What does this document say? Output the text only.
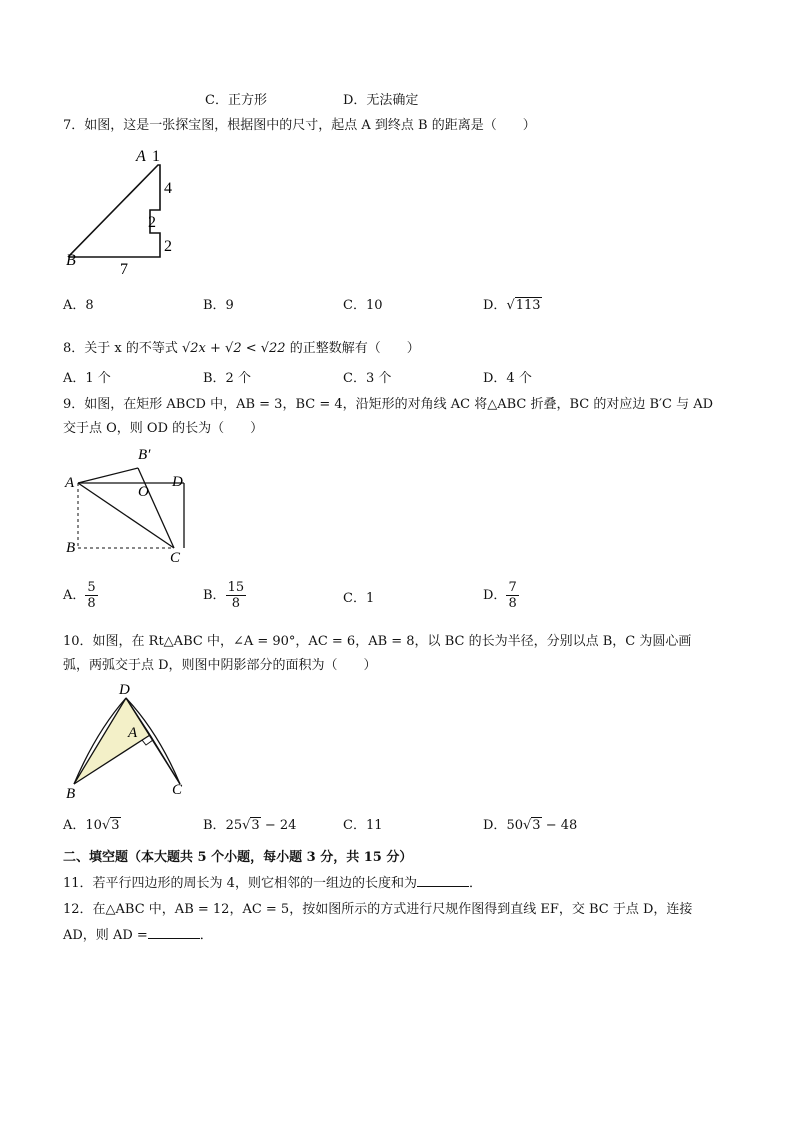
C．正方形	D．无法确定
7．如图，这是一张探宝图，根据图中的尺寸，起点 A 到终点 B 的距离是（　　）
A 1
4
2
2
B
7
A．8	B．9	C．10	D．√113
8．关于 x 的不等式 √2x + √2 < √22 的正整数解有（　　）
A．1 个	B．2 个	C．3 个	D．4 个
9．如图，在矩形 ABCD 中，AB = 3，BC = 4，沿矩形的对角线 AC 将△ABC 折叠，BC 的对应边 B′C 与 AD
交于点 O，则 OD 的长为（　　）
B′
A
O
D
B
C
A． $\frac{5}{8}$	B． $\frac{15}{8}$	C．1	D． $\frac{7}{8}$
10．如图，在 Rt△ABC 中，∠A = 90°，AC = 6，AB = 8，以 BC 的长为半径，分别以点 B，C 为圆心画
弧，两弧交于点 D，则图中阴影部分的面积为（　　）
D
A
B	C
A．10√3	B．25√3 − 24	C．11	D．50√3 − 48
二、填空题（本大题共 5 个小题，每小题 3 分，共 15 分）
11．若平行四边形的周长为 4，则它相邻的一组边的长度和为	．
12．在△ABC 中，AB = 12，AC = 5，按如图所示的方式进行尺规作图得到直线 EF，交 BC 于点 D，连接
AD，则 AD =	．
